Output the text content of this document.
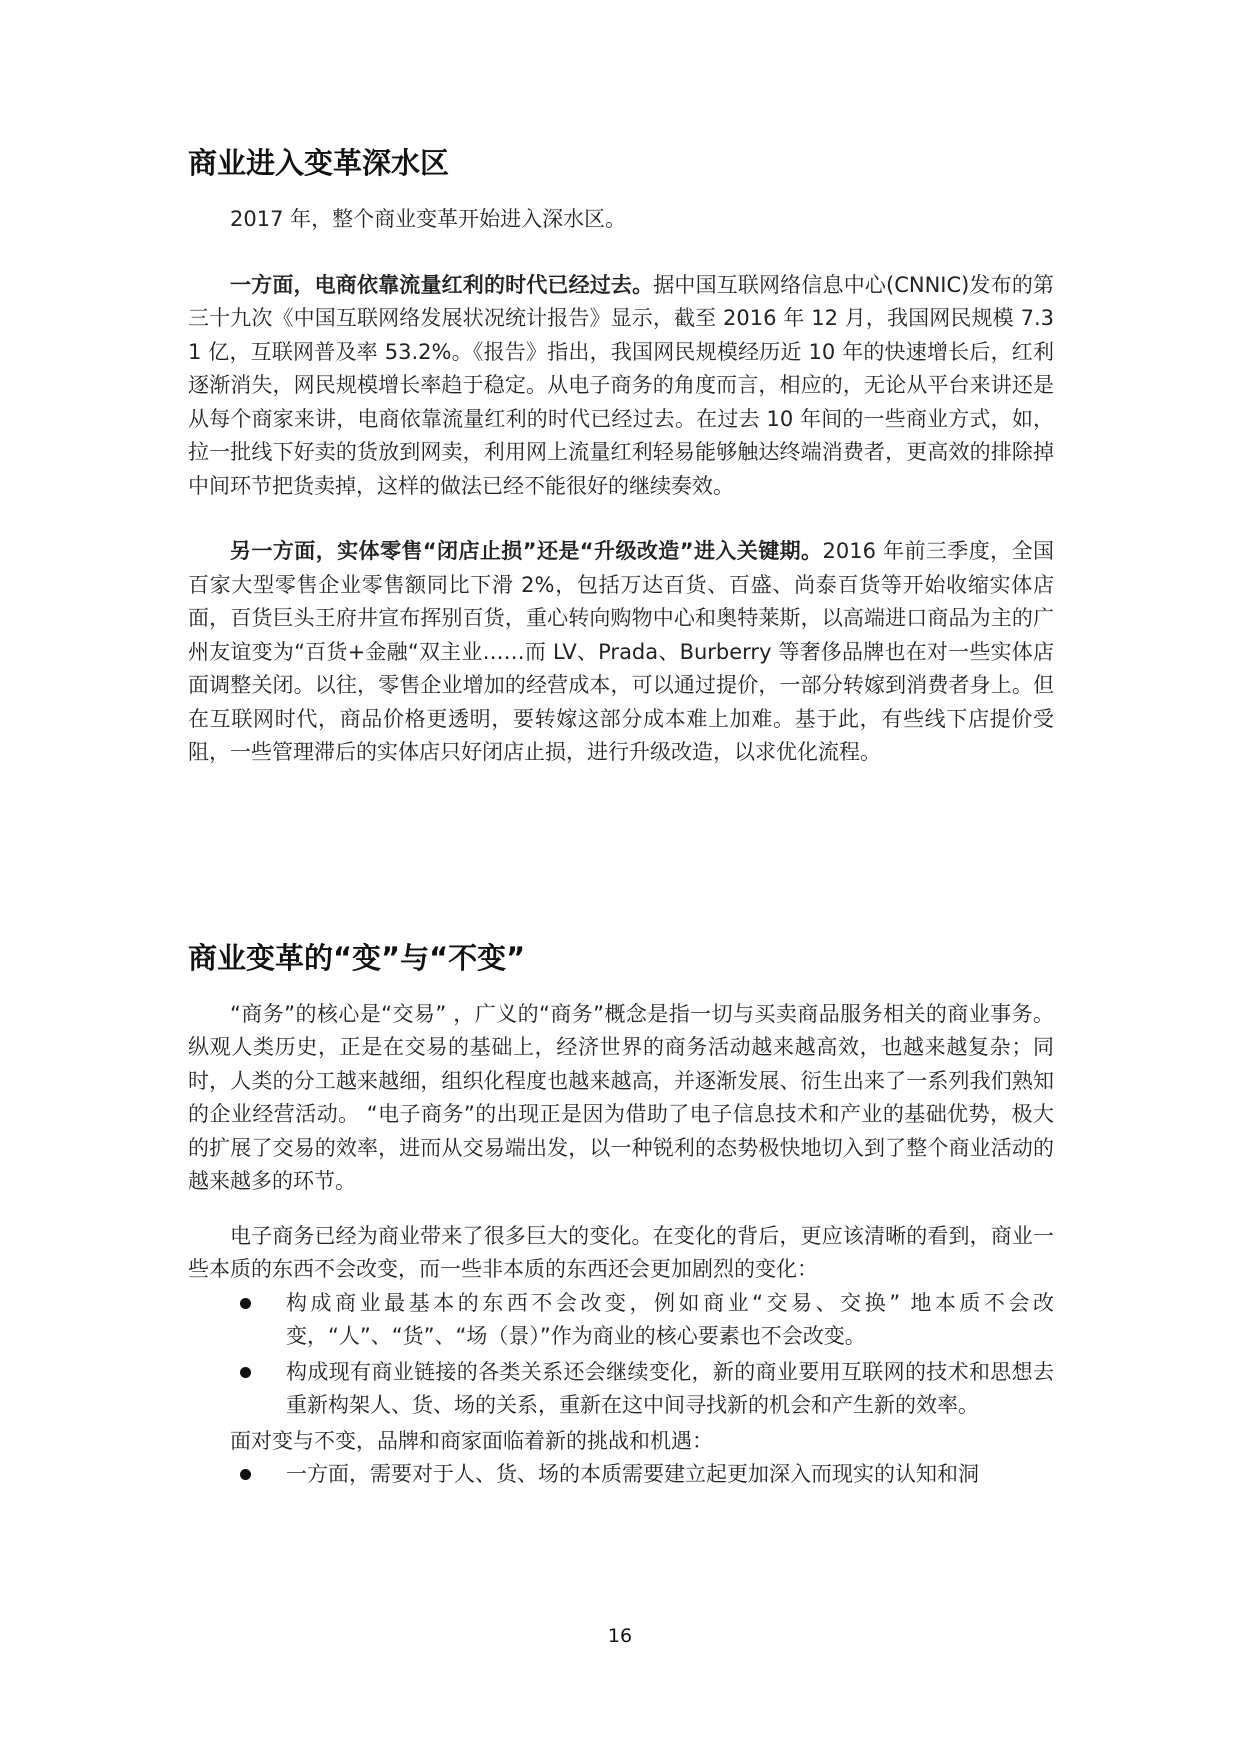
商业进入变革深水区

2017 年，整个商业变革开始进入深水区。

一方面，电商依靠流量红利的时代已经过去。据中国互联网络信息中心(CNNIC)发布的第三十九次《中国互联网络发展状况统计报告》显示，截至 2016 年 12 月，我国网民规模 7.31 亿，互联网普及率 53.2%。《报告》指出，我国网民规模经历近 10 年的快速增长后，红利逐渐消失，网民规模增长率趋于稳定。从电子商务的角度而言，相应的，无论从平台来讲还是从每个商家来讲，电商依靠流量红利的时代已经过去。在过去 10 年间的一些商业方式，如，拉一批线下好卖的货放到网卖，利用网上流量红利轻易能够触达终端消费者，更高效的排除掉中间环节把货卖掉，这样的做法已经不能很好的继续奏效。

另一方面，实体零售“闭店止损”还是“升级改造”进入关键期。2016 年前三季度，全国百家大型零售企业零售额同比下滑 2%，包括万达百货、百盛、尚泰百货等开始收缩实体店面，百货巨头王府井宣布挥别百货，重心转向购物中心和奥特莱斯，以高端进口商品为主的广州友谊变为“百货+金融“双主业……而 LV、Prada、Burberry 等奢侈品牌也在对一些实体店面调整关闭。以往，零售企业增加的经营成本，可以通过提价，一部分转嫁到消费者身上。但在互联网时代，商品价格更透明，要转嫁这部分成本难上加难。基于此，有些线下店提价受阻，一些管理滞后的实体店只好闭店止损，进行升级改造，以求优化流程。

商业变革的“变”与“不变”

“商务”的核心是“交易” ，广义的“商务”概念是指一切与买卖商品服务相关的商业事务。纵观人类历史，正是在交易的基础上，经济世界的商务活动越来越高效，也越来越复杂；同时，人类的分工越来越细，组织化程度也越来越高，并逐渐发展、衍生出来了一系列我们熟知的企业经营活动。 “电子商务”的出现正是因为借助了电子信息技术和产业的基础优势，极大的扩展了交易的效率，进而从交易端出发，以一种锐利的态势极快地切入到了整个商业活动的越来越多的环节。

电子商务已经为商业带来了很多巨大的变化。在变化的背后，更应该清晰的看到，商业一些本质的东西不会改变，而一些非本质的东西还会更加剧烈的变化：

构成商业最基本的东西不会改变，例如商业“交易、交换” 地本质不会改变，“人”、“货”、“场（景）”作为商业的核心要素也不会改变。
构成现有商业链接的各类关系还会继续变化，新的商业要用互联网的技术和思想去重新构架人、货、场的关系，重新在这中间寻找新的机会和产生新的效率。

面对变与不变，品牌和商家面临着新的挑战和机遇：

一方面，需要对于人、货、场的本质需要建立起更加深入而现实的认知和洞
16
